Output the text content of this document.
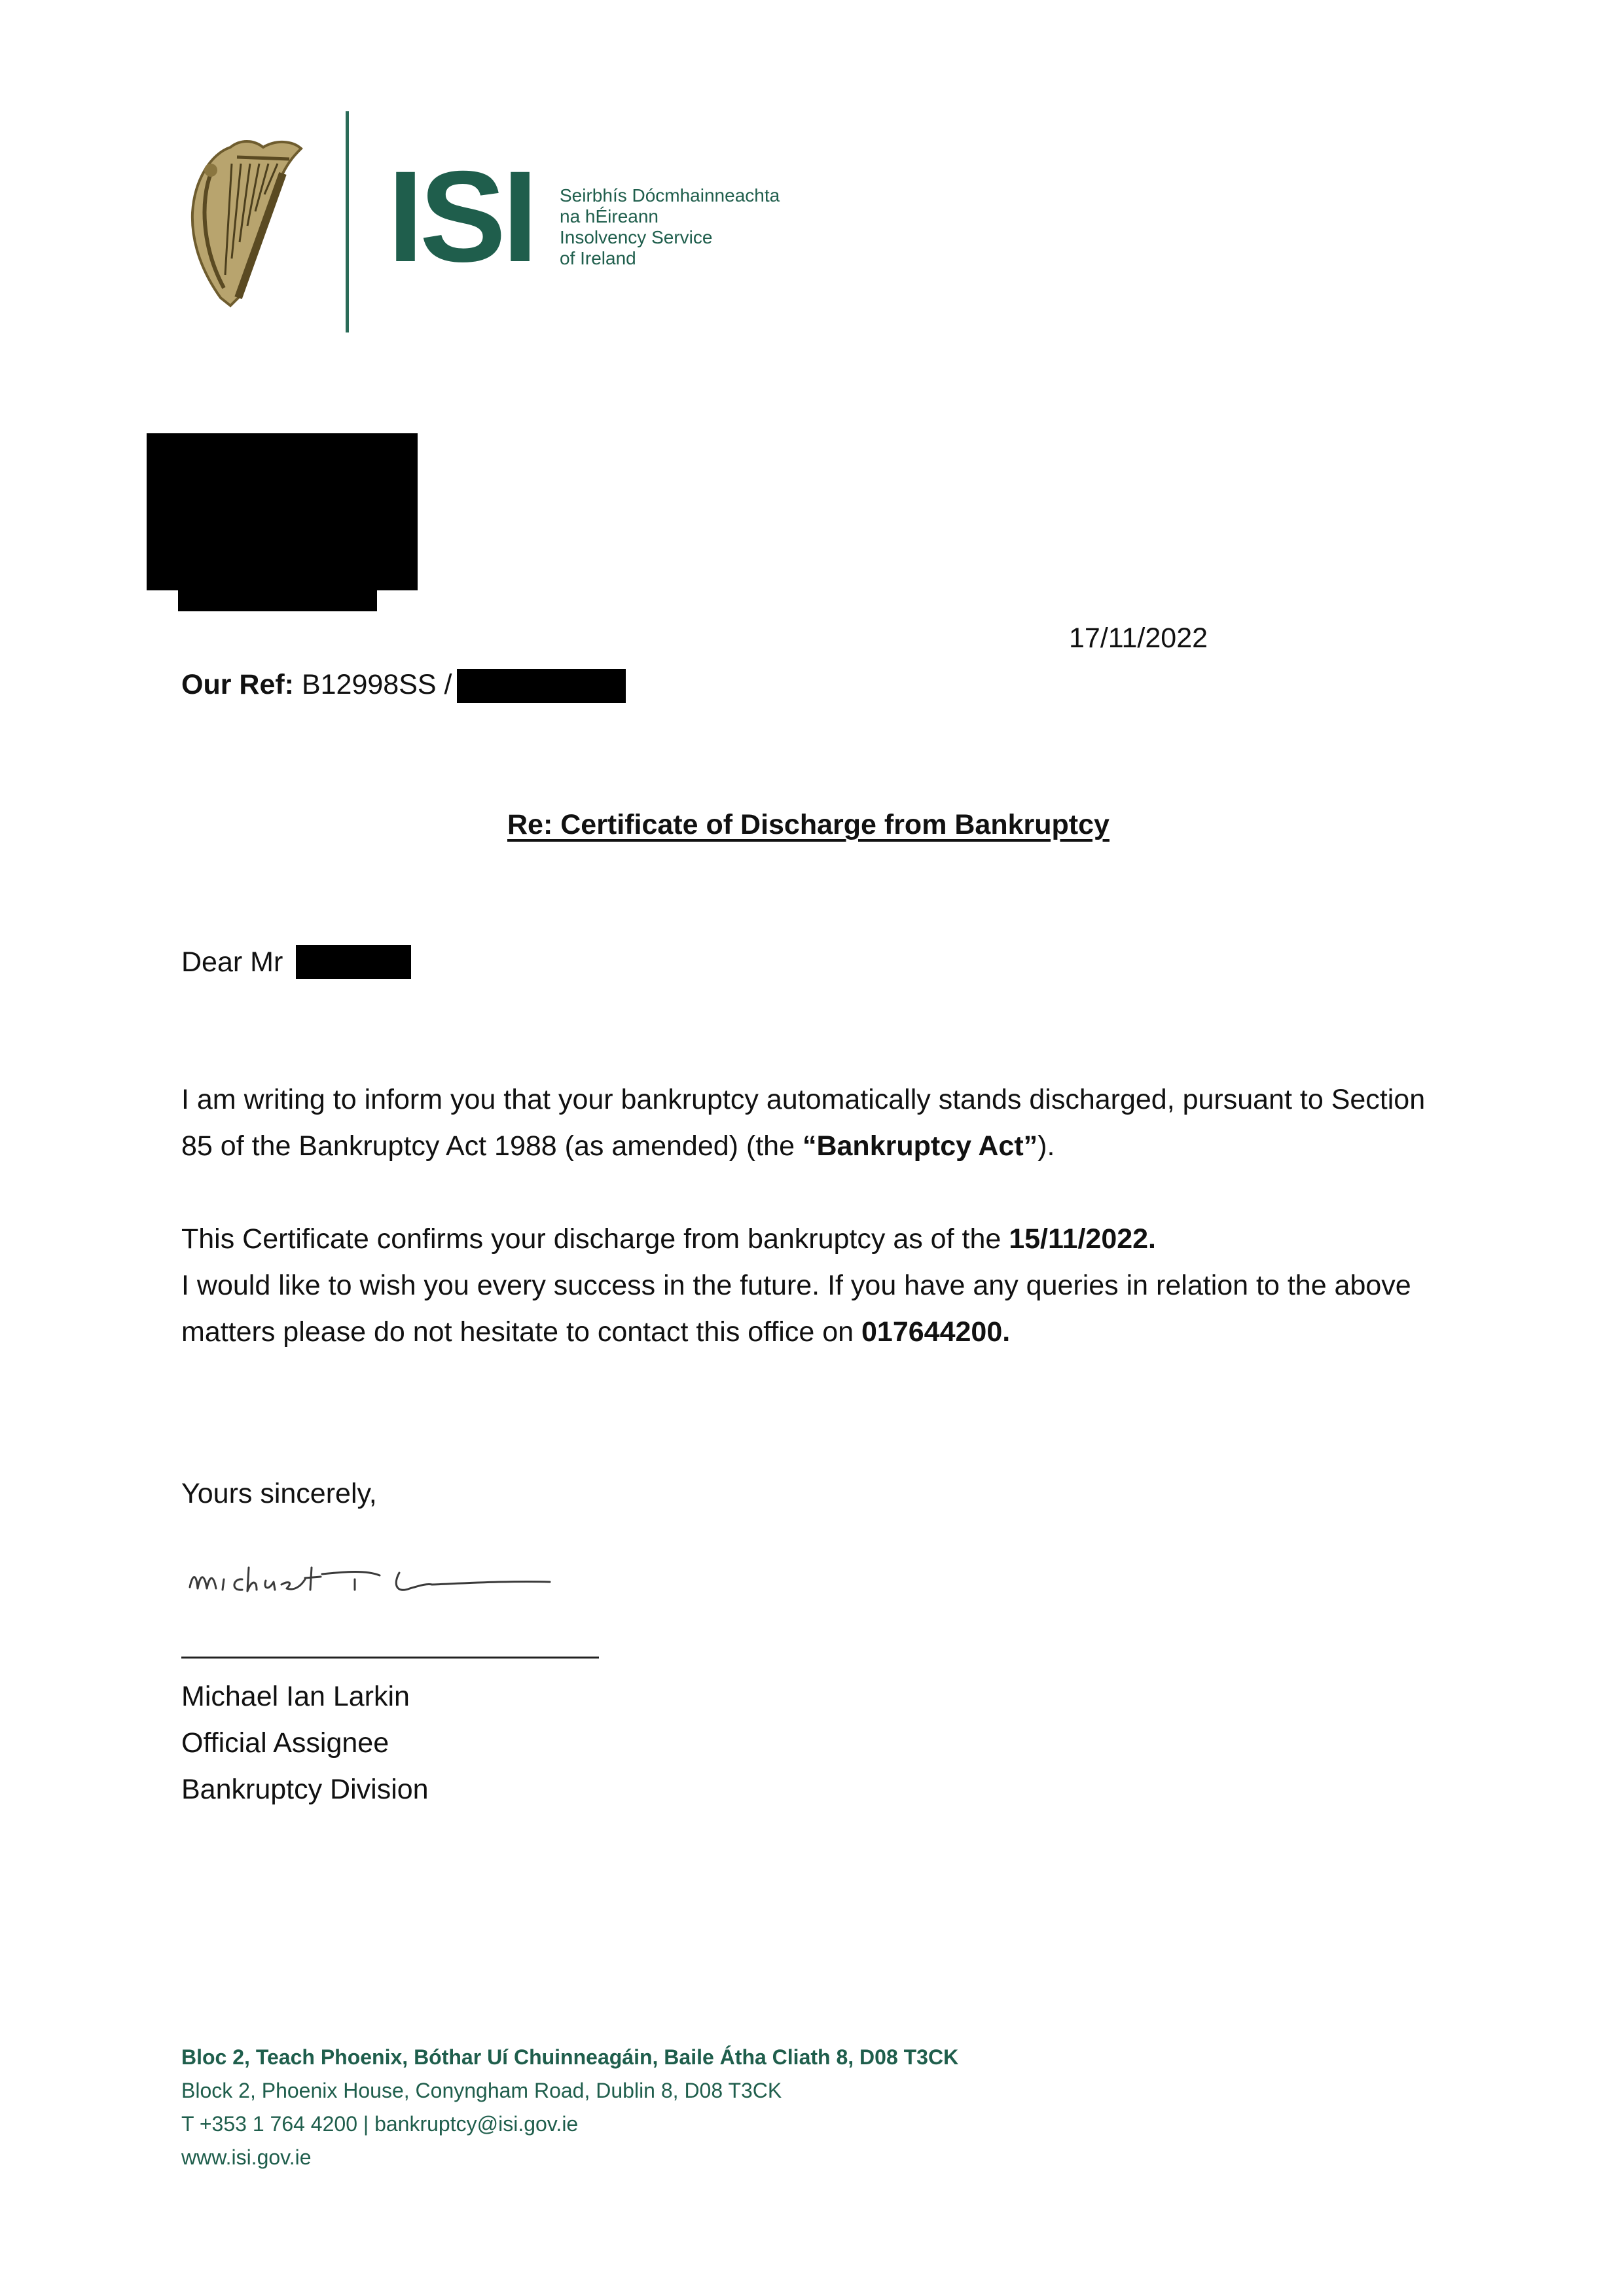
ISI Seirbhís Dócmhainneachta
na hÉireann
Insolvency Service
of Ireland
17/11/2022
Our Ref: B12998SS /
Re: Certificate of Discharge from Bankruptcy
Dear Mr

I am writing to inform you that your bankruptcy automatically stands discharged, pursuant to Section 85 of the Bankruptcy Act 1988 (as amended) (the “Bankruptcy Act”).

This Certificate confirms your discharge from bankruptcy as of the 15/11/2022.

I would like to wish you every success in the future. If you have any queries in relation to the above matters please do not hesitate to contact this office on 017644200.

Yours sincerely,
Michael Ian Larkin
Official Assignee
Bankruptcy Division
Bloc 2, Teach Phoenix, Bóthar Uí Chuinneagáin, Baile Átha Cliath 8, D08 T3CK
Block 2, Phoenix House, Conyngham Road, Dublin 8, D08 T3CK
T +353 1 764 4200 | bankruptcy@isi.gov.ie
www.isi.gov.ie
